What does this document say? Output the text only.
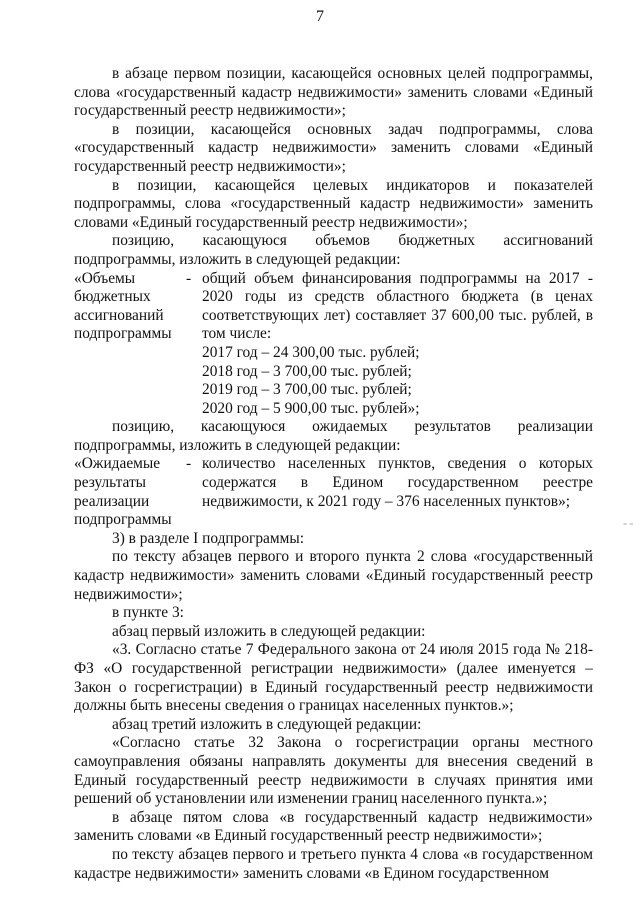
7

в абзаце первом позиции, касающейся основных целей подпрограммы, слова «государственный кадастр недвижимости» заменить словами «Единый государственный реестр недвижимости»;

в позиции, касающейся основных задач подпрограммы, слова «государственный кадастр недвижимости» заменить словами «Единый государственный реестр недвижимости»;

в позиции, касающейся целевых индикаторов и показателей подпрограммы, слова «государственный кадастр недвижимости» заменить словами «Единый государственный реестр недвижимости»;

позицию, касающуюся объемов бюджетных ассигнований подпрограммы, изложить в следующей редакции:

«Объемы бюджетных ассигнований подпрограммы
- общий объем финансирования подпрограммы на 2017 - 2020 годы из средств областного бюджета (в ценах соответствующих лет) составляет 37 600,00 тыс. рублей, в том числе:
2017 год – 24 300,00 тыс. рублей;
2018 год – 3 700,00 тыс. рублей;
2019 год – 3 700,00 тыс. рублей;
2020 год – 5 900,00 тыс. рублей»;

позицию, касающуюся ожидаемых результатов реализации подпрограммы, изложить в следующей редакции:

«Ожидаемые результаты реализации подпрограммы
- количество населенных пунктов, сведения о которых содержатся в Едином государственном реестре недвижимости, к 2021 году – 376 населенных пунктов»;

3) в разделе I подпрограммы:

по тексту абзацев первого и второго пункта 2 слова «государственный кадастр недвижимости» заменить словами «Единый государственный реестр недвижимости»;

в пункте 3:

абзац первый изложить в следующей редакции:

«3. Согласно статье 7 Федерального закона от 24 июля 2015 года № 218-ФЗ «О государственной регистрации недвижимости» (далее именуется – Закон о госрегистрации) в Единый государственный реестр недвижимости должны быть внесены сведения о границах населенных пунктов.»;

абзац третий изложить в следующей редакции:

«Согласно статье 32 Закона о госрегистрации органы местного самоуправления обязаны направлять документы для внесения сведений в Единый государственный реестр недвижимости в случаях принятия ими решений об установлении или изменении границ населенного пункта.»;

в абзаце пятом слова «в государственный кадастр недвижимости» заменить словами «в Единый государственный реестр недвижимости»;

по тексту абзацев первого и третьего пункта 4 слова «в государственном кадастре недвижимости» заменить словами «в Едином государственном

¦
